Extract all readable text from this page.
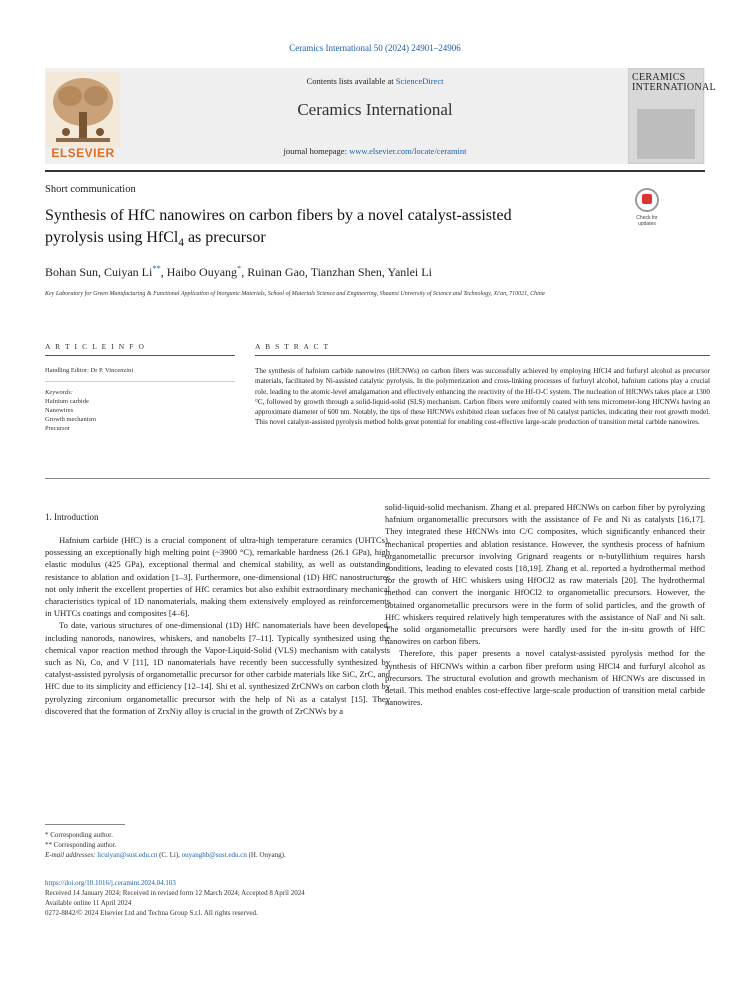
Ceramics International 50 (2024) 24901–24906
ELSEVIER
Contents lists available at ScienceDirect
Ceramics International
journal homepage: www.elsevier.com/locate/ceramint
CERAMICS INTERNATIONAL
Short communication
Synthesis of HfC nanowires on carbon fibers by a novel catalyst-assisted
pyrolysis using HfCl$_4$ as precursor
Check for updates
Bohan Sun, Cuiyan Li**, Haibo Ouyang*, Ruinan Gao, Tianzhan Shen, Yanlei Li
Key Laboratory for Green Manufacturing & Functional Application of Inorganic Materials, School of Materials Science and Engineering, Shaanxi University of Science and Technology, Xi'an, 710021, China
A R T I C L E I N F O	A B S T R A C T
Handling Editor: Dr P. Vincenzini
Keywords:
Hafnium carbide
Nanowires
Growth mechanism
Precursor
The synthesis of hafnium carbide nanowires (HfCNWs) on carbon fibers was successfully achieved by employing HfCl4 and furfuryl alcohol as precursor materials, facilitated by Ni-assisted catalytic pyrolysis. In the polymerization and cross-linking processes of furfuryl alcohol, hafnium cations play a crucial role, leading to the atomic-level amalgamation and effectively enhancing the reactivity of the Hf-O-C system. The nucleation of HfCNWs takes place at 1300 °C, followed by growth through a solid-liquid-solid (SLS) mechanism. Carbon fibers were uniformly coated with tens micrometer-long HfCNWs having an approximate diameter of 600 nm. Notably, the tips of these HfCNWs exhibited clean surfaces free of Ni catalyst particles, indicating their root growth model. This novel catalyst-assisted pyrolysis method holds great potential for enabling cost-effective large-scale production of transition metal carbide nanowires.
1. Introduction

Hafnium carbide (HfC) is a crucial component of ultra-high temperature ceramics (UHTCs), possessing an exceptionally high melting point (~3900 °C), remarkable hardness (26.1 GPa), high elastic modulus (425 GPa), exceptional thermal and chemical stability, as well as outstanding resistance to ablation and oxidation [1–3]. Furthermore, one-dimensional (1D) HfC nanostructures not only inherit the excellent properties of HfC ceramics but also exhibit extraordinary mechanical characteristics typical of 1D nanomaterials, making them extensively employed as reinforcements in UHTCs coatings and composites [4–6].

To date, various structures of one-dimensional (1D) HfC nanomaterials have been developed, including nanorods, nanowires, whiskers, and nanobelts [7–11]. Typically synthesized using the chemical vapor reaction method through the Vapor-Liquid-Solid (VLS) mechanism with catalysts such as Ni, Co, and V [11], 1D nanomaterials have recently been successfully synthesized by catalyst-assisted pyrolysis of organometallic precursor for other carbide materials like SiC, ZrC, and HfC due to its simplicity and efficiency [12–14]. Shi et al. synthesized ZrCNWs on carbon cloth by pyrolyzing zirconium organometallic precursor with the help of Ni as a catalyst [15]. They discovered that the formation of ZrxNiy alloy is crucial in the growth of ZrCNWs by a

solid-liquid-solid mechanism. Zhang et al. prepared HfCNWs on carbon fiber by pyrolyzing hafnium organometallic precursors with the assistance of Fe and Ni as catalysts [16,17]. They integrated these HfCNWs into C/C composites, which significantly enhanced their mechanical properties and ablation resistance. However, the synthesis process of hafnium organometallic precursor involving Grignard reagents or n-butyllithium requires harsh conditions, leading to elevated costs [18,19]. Zhang et al. reported a hydrothermal method for the growth of HfC whiskers using HfOCl2 as raw materials [20]. The hydrothermal method can convert the inorganic HfOCl2 to organometallic precursors. However, the obtained organometallic precursors were in the form of solid particles, and the growth of HfC whiskers required relatively high temperatures with the assistance of NaF and Ni salt. The solid organometallic precursors were hardly used for the in-situ growth of HfC nanowires on carbon fibers.

Therefore, this paper presents a novel catalyst-assisted pyrolysis method for the synthesis of HfCNWs within a carbon fiber preform using HfCl4 and furfuryl alcohol as precursors. The structural evolution and growth mechanism of HfCNWs are discussed in detail. This method enables cost-effective large-scale production of transition metal carbide nanowires.

* Corresponding author.
** Corresponding author.
E-mail addresses: licuiyan@sust.edu.cn (C. Li), ouyanghb@sust.edu.cn (H. Ouyang).
https://doi.org/10.1016/j.ceramint.2024.04.103
Received 14 January 2024; Received in revised form 12 March 2024; Accepted 8 April 2024
Available online 11 April 2024
0272-8842/© 2024 Elsevier Ltd and Techna Group S.r.l. All rights reserved.
